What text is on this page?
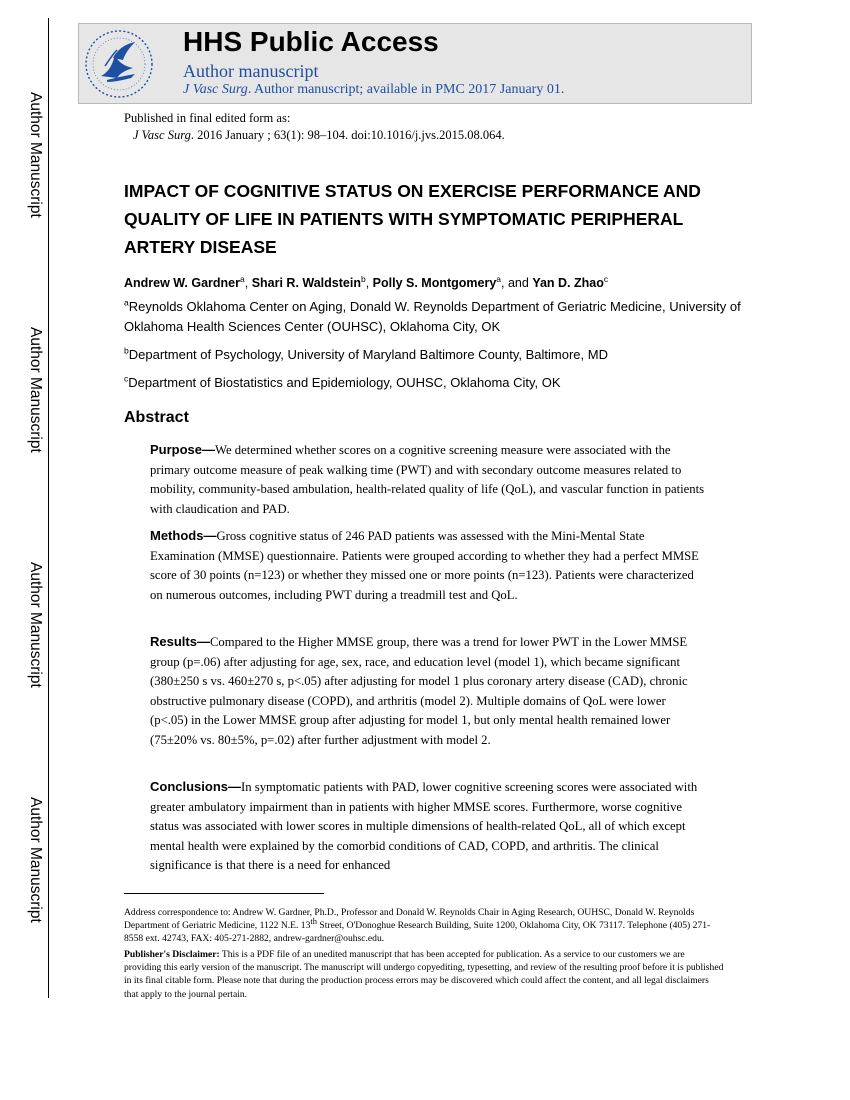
Author Manuscript
Author Manuscript
Author Manuscript
Author Manuscript
HHS Public Access
Author manuscript
J Vasc Surg. Author manuscript; available in PMC 2017 January 01.
Published in final edited form as:
J Vasc Surg. 2016 January ; 63(1): 98–104. doi:10.1016/j.jvs.2015.08.064.
IMPACT OF COGNITIVE STATUS ON EXERCISE PERFORMANCE AND QUALITY OF LIFE IN PATIENTS WITH SYMPTOMATIC PERIPHERAL ARTERY DISEASE
Andrew W. Gardner$^a$, Shari R. Waldstein$^b$, Polly S. Montgomery$^a$, and Yan D. Zhao$^c$
$^a$Reynolds Oklahoma Center on Aging, Donald W. Reynolds Department of Geriatric Medicine, University of Oklahoma Health Sciences Center (OUHSC), Oklahoma City, OK
$^b$Department of Psychology, University of Maryland Baltimore County, Baltimore, MD
$^c$Department of Biostatistics and Epidemiology, OUHSC, Oklahoma City, OK
Abstract
Purpose—We determined whether scores on a cognitive screening measure were associated with the primary outcome measure of peak walking time (PWT) and with secondary outcome measures related to mobility, community-based ambulation, health-related quality of life (QoL), and vascular function in patients with claudication and PAD.
Methods—Gross cognitive status of 246 PAD patients was assessed with the Mini-Mental State Examination (MMSE) questionnaire. Patients were grouped according to whether they had a perfect MMSE score of 30 points (n=123) or whether they missed one or more points (n=123). Patients were characterized on numerous outcomes, including PWT during a treadmill test and QoL.
Results—Compared to the Higher MMSE group, there was a trend for lower PWT in the Lower MMSE group (p=.06) after adjusting for age, sex, race, and education level (model 1), which became significant (380±250 s vs. 460±270 s, p<.05) after adjusting for model 1 plus coronary artery disease (CAD), chronic obstructive pulmonary disease (COPD), and arthritis (model 2). Multiple domains of QoL were lower (p<.05) in the Lower MMSE group after adjusting for model 1, but only mental health remained lower (75±20% vs. 80±5%, p=.02) after further adjustment with model 2.
Conclusions—In symptomatic patients with PAD, lower cognitive screening scores were associated with greater ambulatory impairment than in patients with higher MMSE scores. Furthermore, worse cognitive status was associated with lower scores in multiple dimensions of health-related QoL, all of which except mental health were explained by the comorbid conditions of CAD, COPD, and arthritis. The clinical significance is that there is a need for enhanced
Address correspondence to: Andrew W. Gardner, Ph.D., Professor and Donald W. Reynolds Chair in Aging Research, OUHSC, Donald W. Reynolds Department of Geriatric Medicine, 1122 N.E. 13th Street, O'Donoghue Research Building, Suite 1200, Oklahoma City, OK 73117. Telephone (405) 271-8558 ext. 42743, FAX: 405-271-2882, andrew-gardner@ouhsc.edu.
Publisher's Disclaimer: This is a PDF file of an unedited manuscript that has been accepted for publication. As a service to our customers we are providing this early version of the manuscript. The manuscript will undergo copyediting, typesetting, and review of the resulting proof before it is published in its final citable form. Please note that during the production process errors may be discovered which could affect the content, and all legal disclaimers that apply to the journal pertain.
